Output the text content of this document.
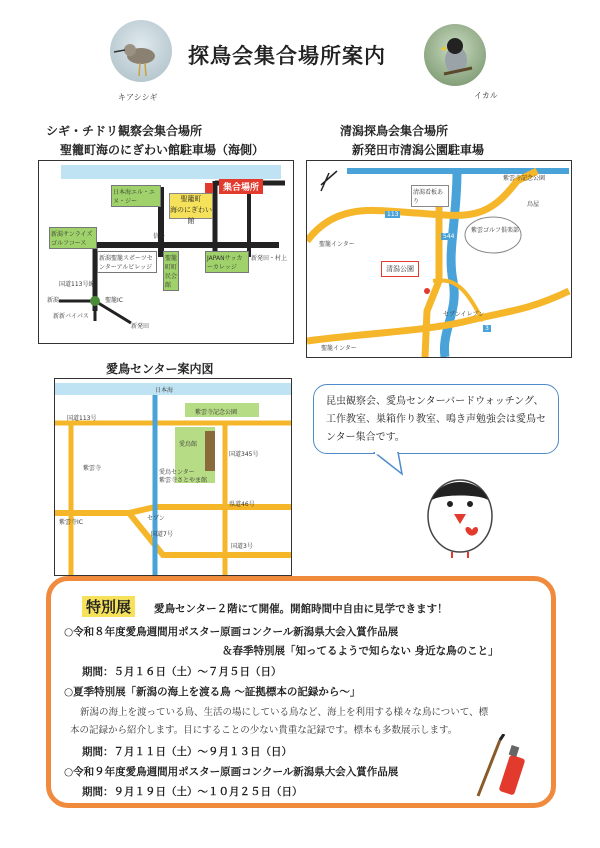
キアシシギ
探鳥会集合場所案内
イカル
シギ・チドリ観察会集合場所
聖籠町海のにぎわい館駐車場（海側）
清潟探鳥会集合場所
新発田市清潟公園駐車場
集合場所
聖籠町
海のにぎわい館
日本海エル・エヌ・ジー
新潟サンライズゴルフコース
新潟聖籠スポーツセンターアルビレッジ
聖籠町町民会館
JAPANサッカーカレッジ
信号
新発田・村上
国道113号線
新潟
新新バイパス
聖籠IC
新発田
紫雲寺記念公園
鳥屋
紫雲ゴルフ倶楽部
清潟看板あり
清潟公園
聖籠インター
113
544
3
聖籠インター
セブンイレブン
愛鳥センター案内図
日本海
国道113号
紫雲寺記念公園
愛鳥センター
紫雲寺さとやま館
愛鳥館
国道345号
国道7号
県道46号
紫雲寺IC
セブン
紫雲寺
国道3号
昆虫観察会、愛鳥センターバードウォッチング、工作教室、巣箱作り教室、鳴き声勉強会は愛鳥センター集合です。
特別展	愛鳥センター２階にて開催。開館時間中自由に見学できます！
○令和８年度愛鳥週間用ポスター原画コンクール新潟県大会入賞作品展
＆春季特別展「知ってるようで知らない 身近な鳥のこと」
期間：５月１６日（土）～７月５日（日）
○夏季特別展「新潟の海上を渡る鳥 ～証拠標本の記録から～」
新潟の海上を渡っている鳥、生活の場にしている鳥など、海上を利用する様々な鳥について、標
本の記録から紹介します。目にすることの少ない貴重な記録です。標本も多数展示します。
期間：７月１１日（土）～９月１３日（日）
○令和９年度愛鳥週間用ポスター原画コンクール新潟県大会入賞作品展
期間：９月１９日（土）～１０月２５日（日）
